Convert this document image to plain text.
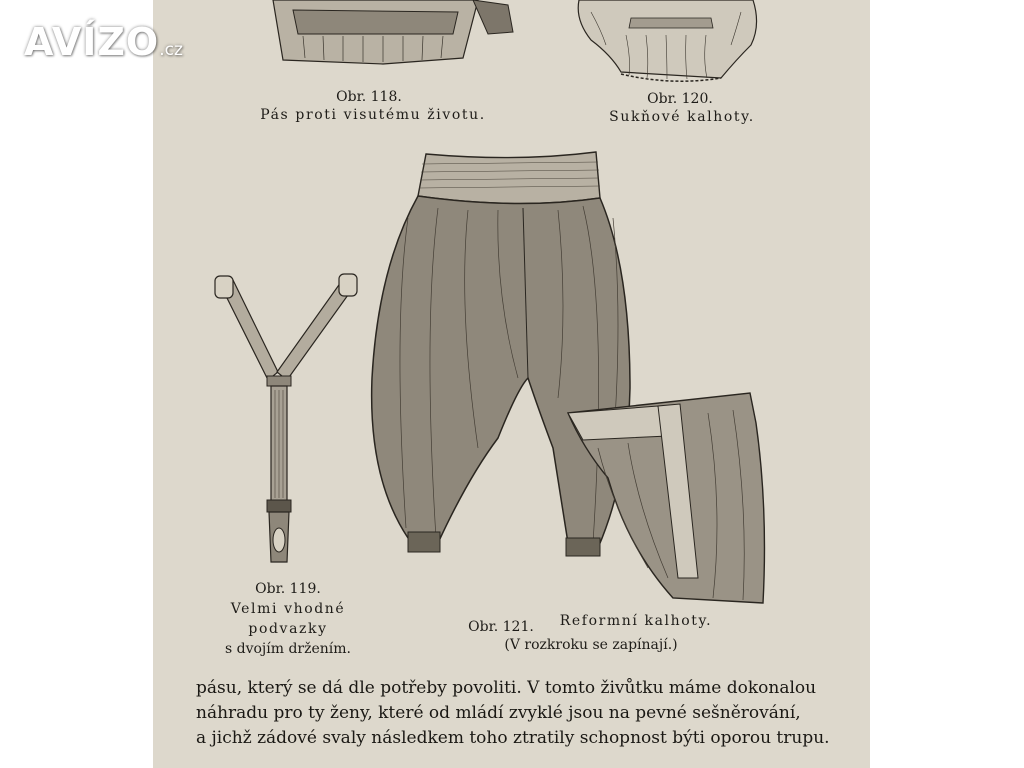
Obr. 118.
Pás proti visutému životu.
Obr. 120.
Sukňové kalhoty.
Obr. 119.
Velmi vhodné
podvazky
s dvojím držením.
Obr. 121.	Reformní kalhoty.
(V rozkroku se zapínají.)
AVÍZO.cz
pásu, který se dá dle potřeby povoliti. V tomto živůtku máme dokonalou
náhradu pro ty ženy, které od mládí zvyklé jsou na pevné sešněrování,
a jichž zádové svaly následkem toho ztratily schopnost býti oporou trupu.
